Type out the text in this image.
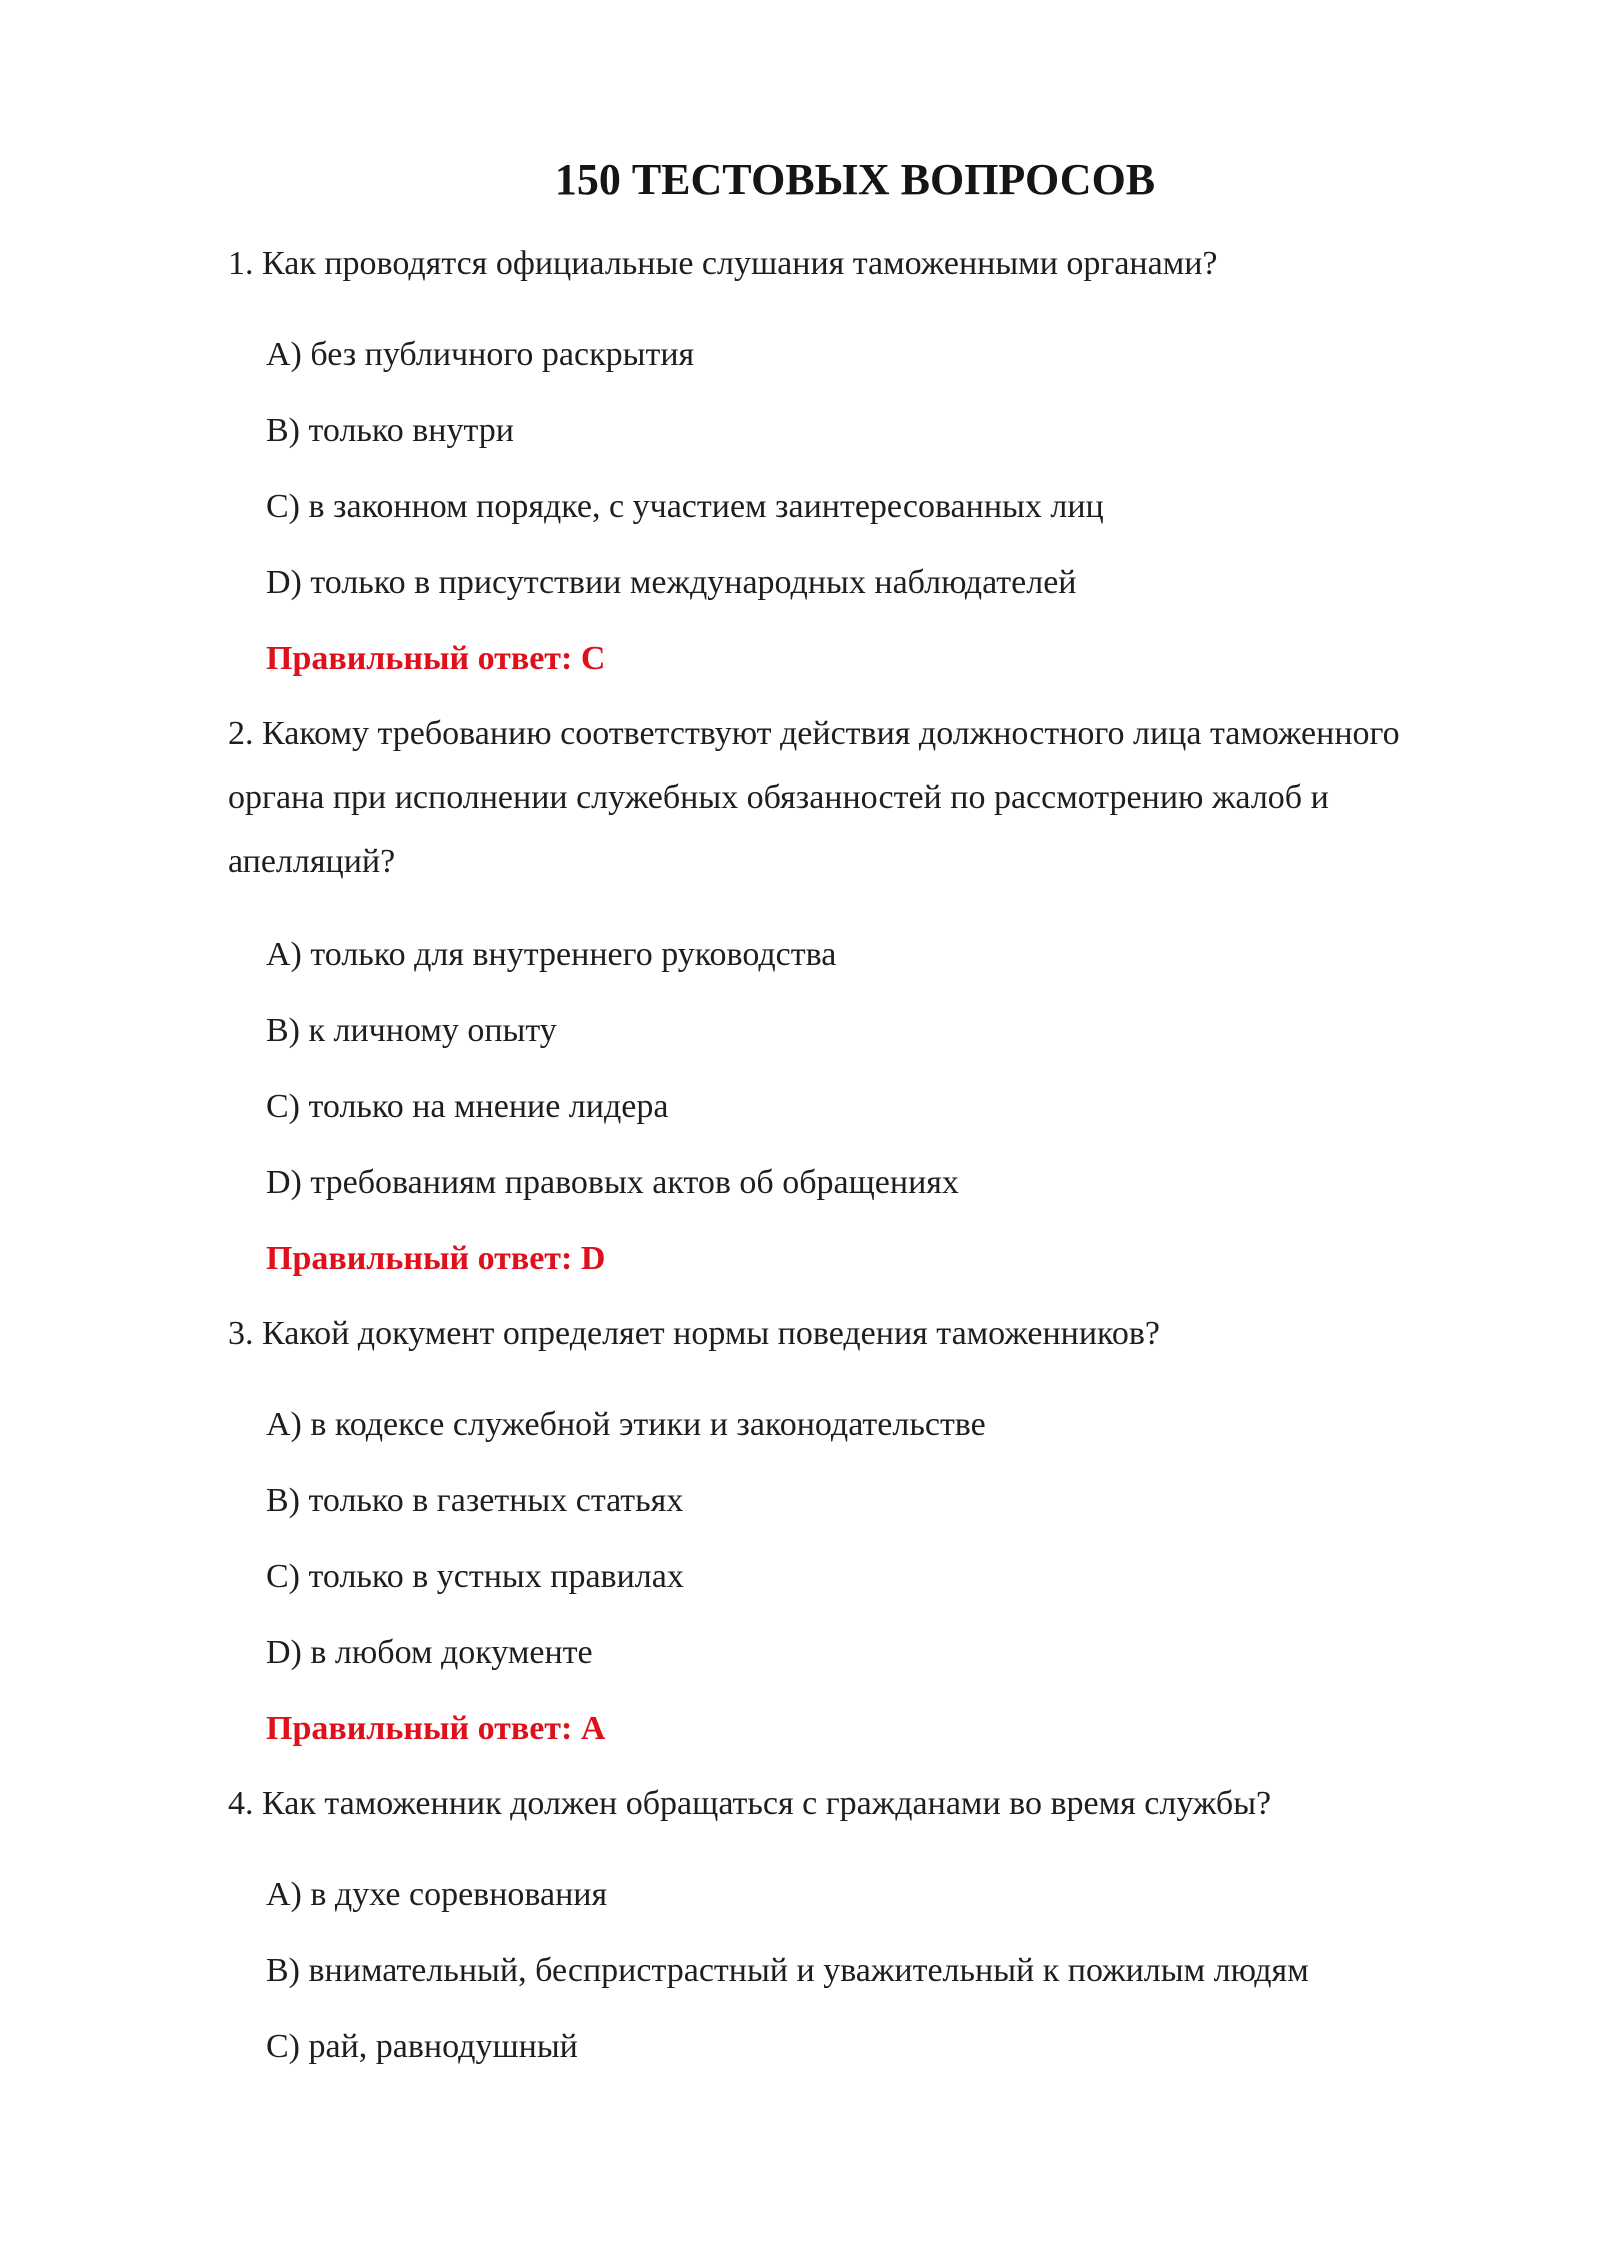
150 ТЕСТОВЫХ ВОПРОСОВ
1. Как проводятся официальные слушания таможенными органами?
A) без публичного раскрытия
B) только внутри
C) в законном порядке, с участием заинтересованных лиц
D) только в присутствии международных наблюдателей
Правильный ответ: C
2. Какому требованию соответствуют действия должностного лица таможенного органа при исполнении служебных обязанностей по рассмотрению жалоб и апелляций?
A) только для внутреннего руководства
B) к личному опыту
C) только на мнение лидера
D) требованиям правовых актов об обращениях
Правильный ответ: D
3. Какой документ определяет нормы поведения таможенников?
A) в кодексе служебной этики и законодательстве
B) только в газетных статьях
C) только в устных правилах
D) в любом документе
Правильный ответ: A
4. Как таможенник должен обращаться с гражданами во время службы?
A) в духе соревнования
B) внимательный, беспристрастный и уважительный к пожилым людям
C) рай, равнодушный
